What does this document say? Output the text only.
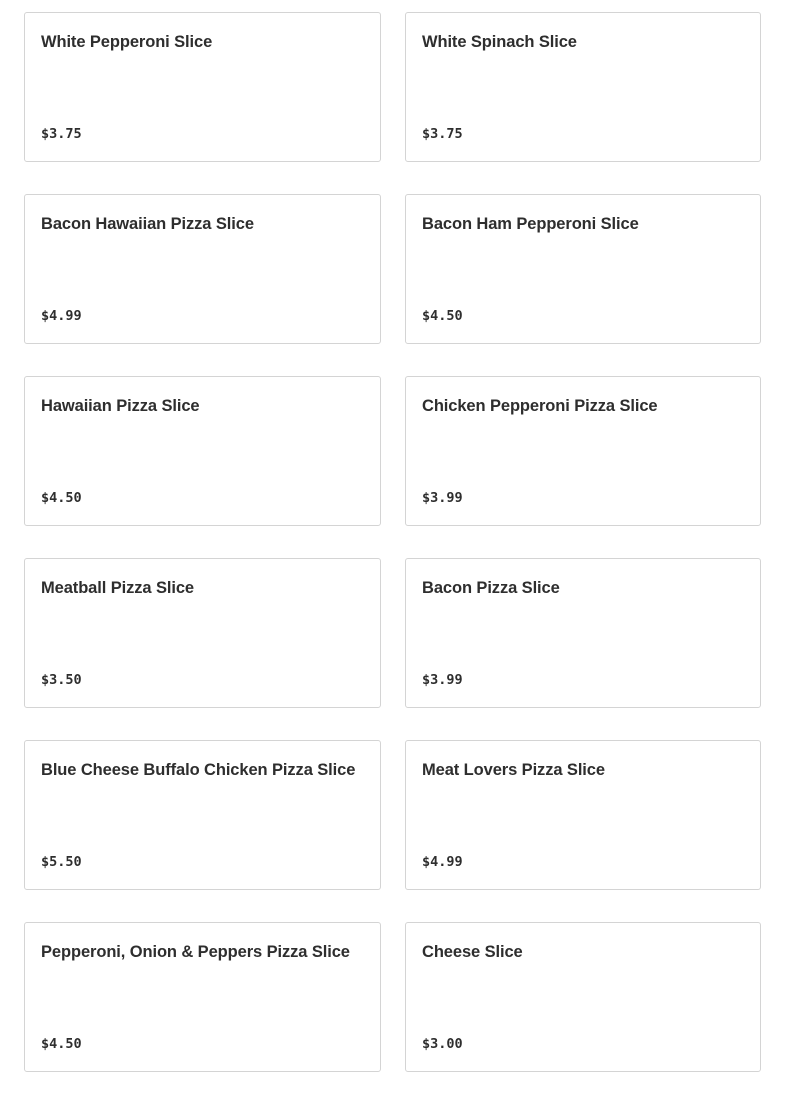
White Pepperoni Slice
$3.75
White Spinach Slice
$3.75
Bacon Hawaiian Pizza Slice
$4.99
Bacon Ham Pepperoni Slice
$4.50
Hawaiian Pizza Slice
$4.50
Chicken Pepperoni Pizza Slice
$3.99
Meatball Pizza Slice
$3.50
Bacon Pizza Slice
$3.99
Blue Cheese Buffalo Chicken Pizza Slice
$5.50
Meat Lovers Pizza Slice
$4.99
Pepperoni, Onion & Peppers Pizza Slice
$4.50
Cheese Slice
$3.00
